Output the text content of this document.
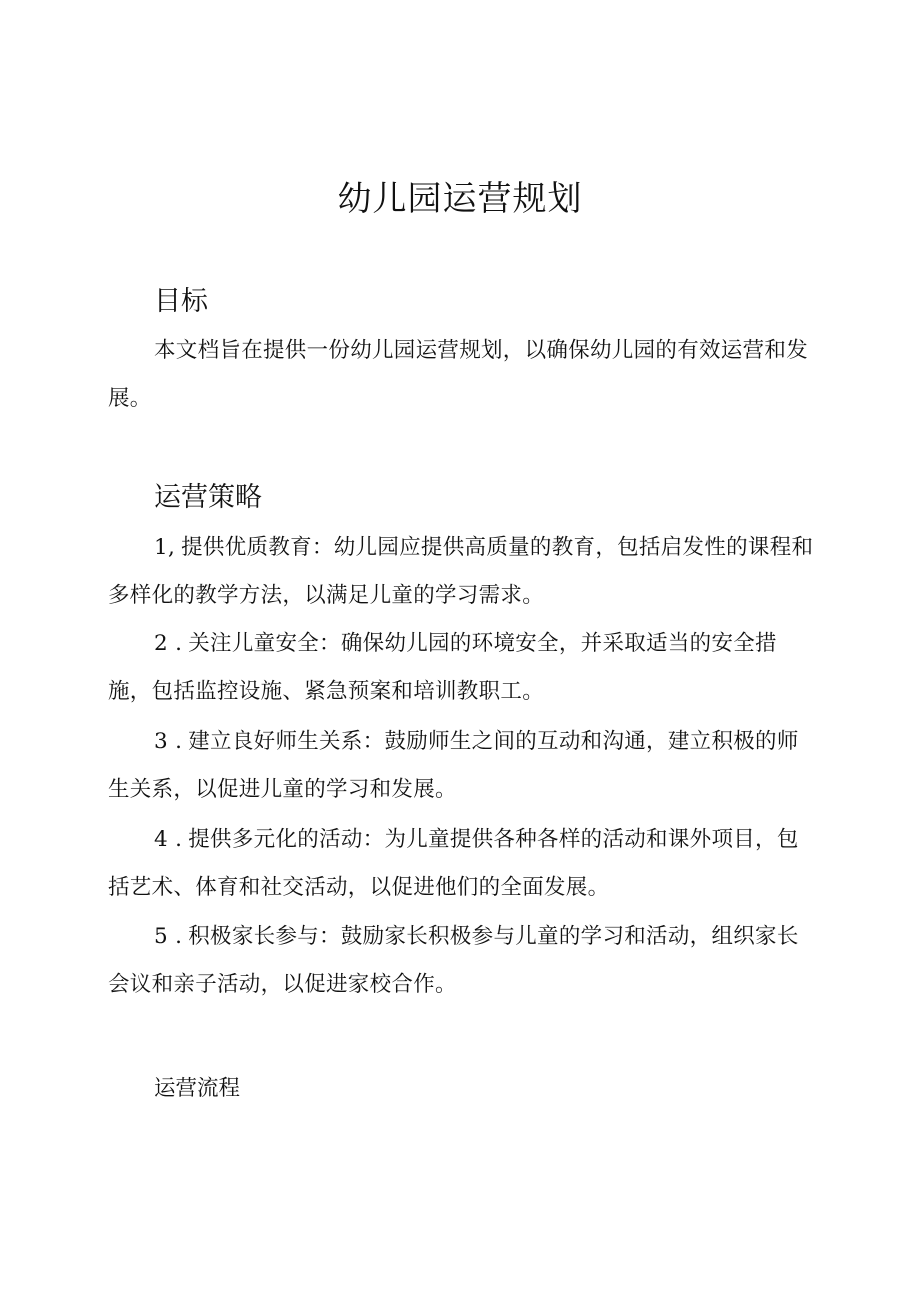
幼儿园运营规划
目标

本文档旨在提供一份幼儿园运营规划，以确保幼儿园的有效运营和发展。

运营策略

1, 提供优质教育：幼儿园应提供高质量的教育，包括启发性的课程和多样化的教学方法，以满足儿童的学习需求。

2 . 关注儿童安全：确保幼儿园的环境安全，并采取适当的安全措施，包括监控设施、紧急预案和培训教职工。

3 . 建立良好师生关系：鼓励师生之间的互动和沟通，建立积极的师生关系，以促进儿童的学习和发展。

4 . 提供多元化的活动：为儿童提供各种各样的活动和课外项目，包括艺术、体育和社交活动，以促进他们的全面发展。

5 . 积极家长参与：鼓励家长积极参与儿童的学习和活动，组织家长会议和亲子活动，以促进家校合作。

运营流程
